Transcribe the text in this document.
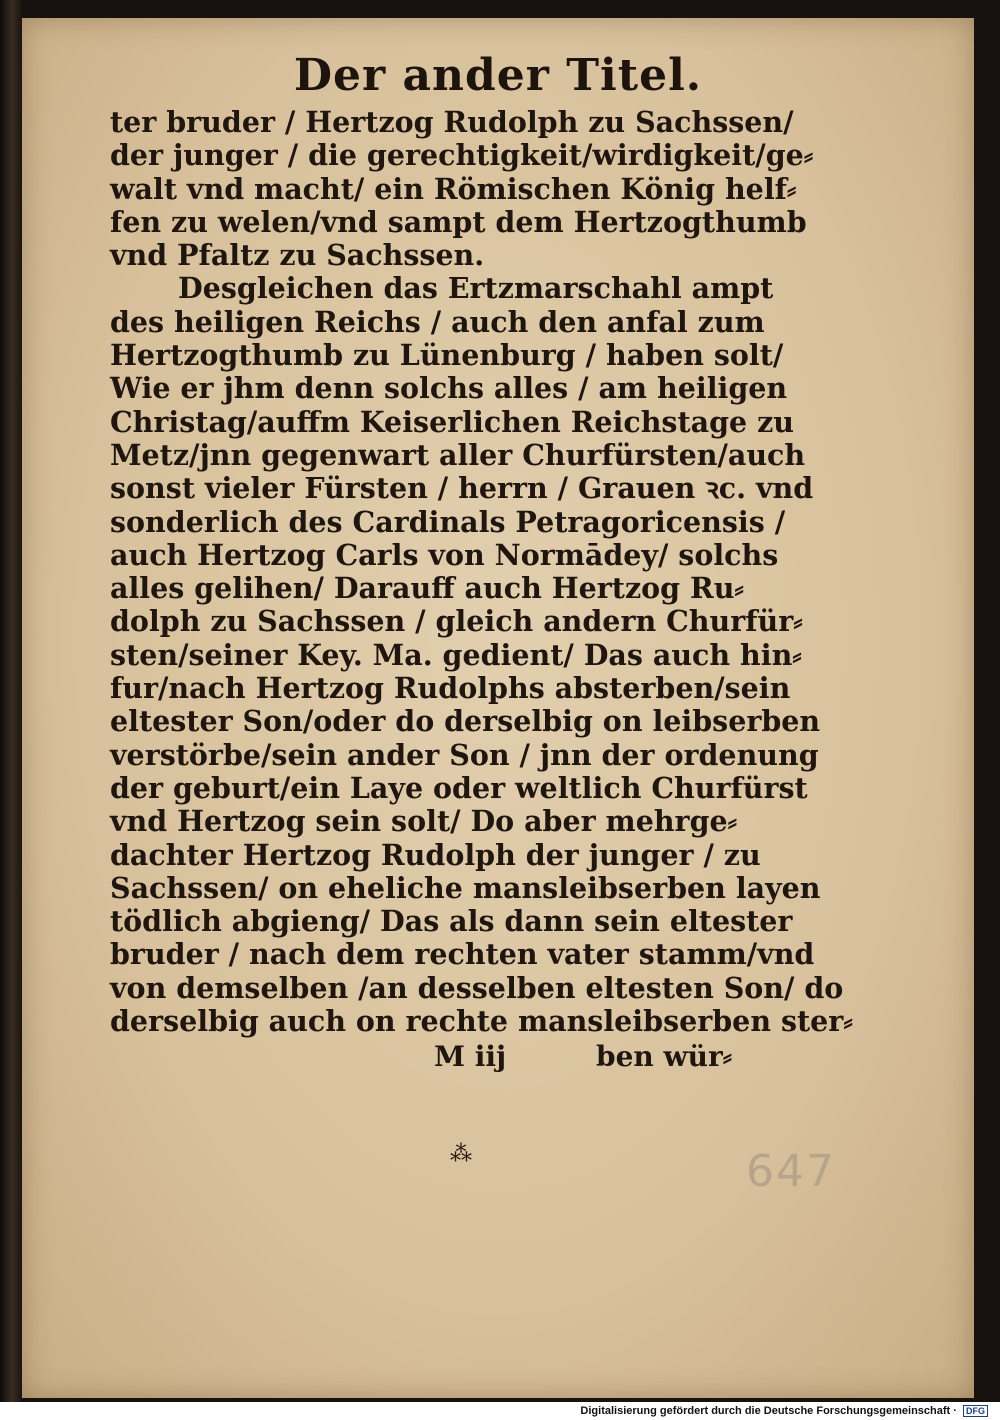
Der ander Titel.
ter bruder / Hertzog Rudolph zu Sachssen/
der junger / die gerechtigkeit/wirdigkeit/ge⸗
walt vnd macht/ ein Römischen König helf⸗
fen zu welen/vnd sampt dem Hertzogthumb
vnd Pfaltz zu Sachssen.
Desgleichen das Ertzmarschahl ampt
des heiligen Reichs / auch den anfal zum
Hertzogthumb zu Lünenburg / haben solt/
Wie er jhm denn solchs alles / am heiligen
Christag/auffm Keiserlichen Reichstage zu
Metz/jnn gegenwart aller Churfürsten/auch
sonst vieler Fürsten / herrn / Grauen ꝛc. vnd
sonderlich des Cardinals Petragoricensis /
auch Hertzog Carls von Normādey/ solchs
alles gelihen/ Darauff auch Hertzog Ru⸗
dolph zu Sachssen / gleich andern Churfür⸗
sten/seiner Key. Ma. gedient/ Das auch hin⸗
fur/nach Hertzog Rudolphs absterben/sein
eltester Son/oder do derselbig on leibserben
verstörbe/sein ander Son / jnn der ordenung
der geburt/ein Laye oder weltlich Churfürst
vnd Hertzog sein solt/ Do aber mehrge⸗
dachter Hertzog Rudolph der junger / zu
Sachssen/ on eheliche mansleibserben layen
tödlich abgieng/ Das als dann sein eltester
bruder / nach dem rechten vater stamm/vnd
von demselben /an desselben eltesten Son/ do
derselbig auch on rechte mansleibserben ster⸗
M iij	ben wür⸗
⁂	647
Digitalisierung gefördert durch die Deutsche Forschungsgemeinschaft · DFG
